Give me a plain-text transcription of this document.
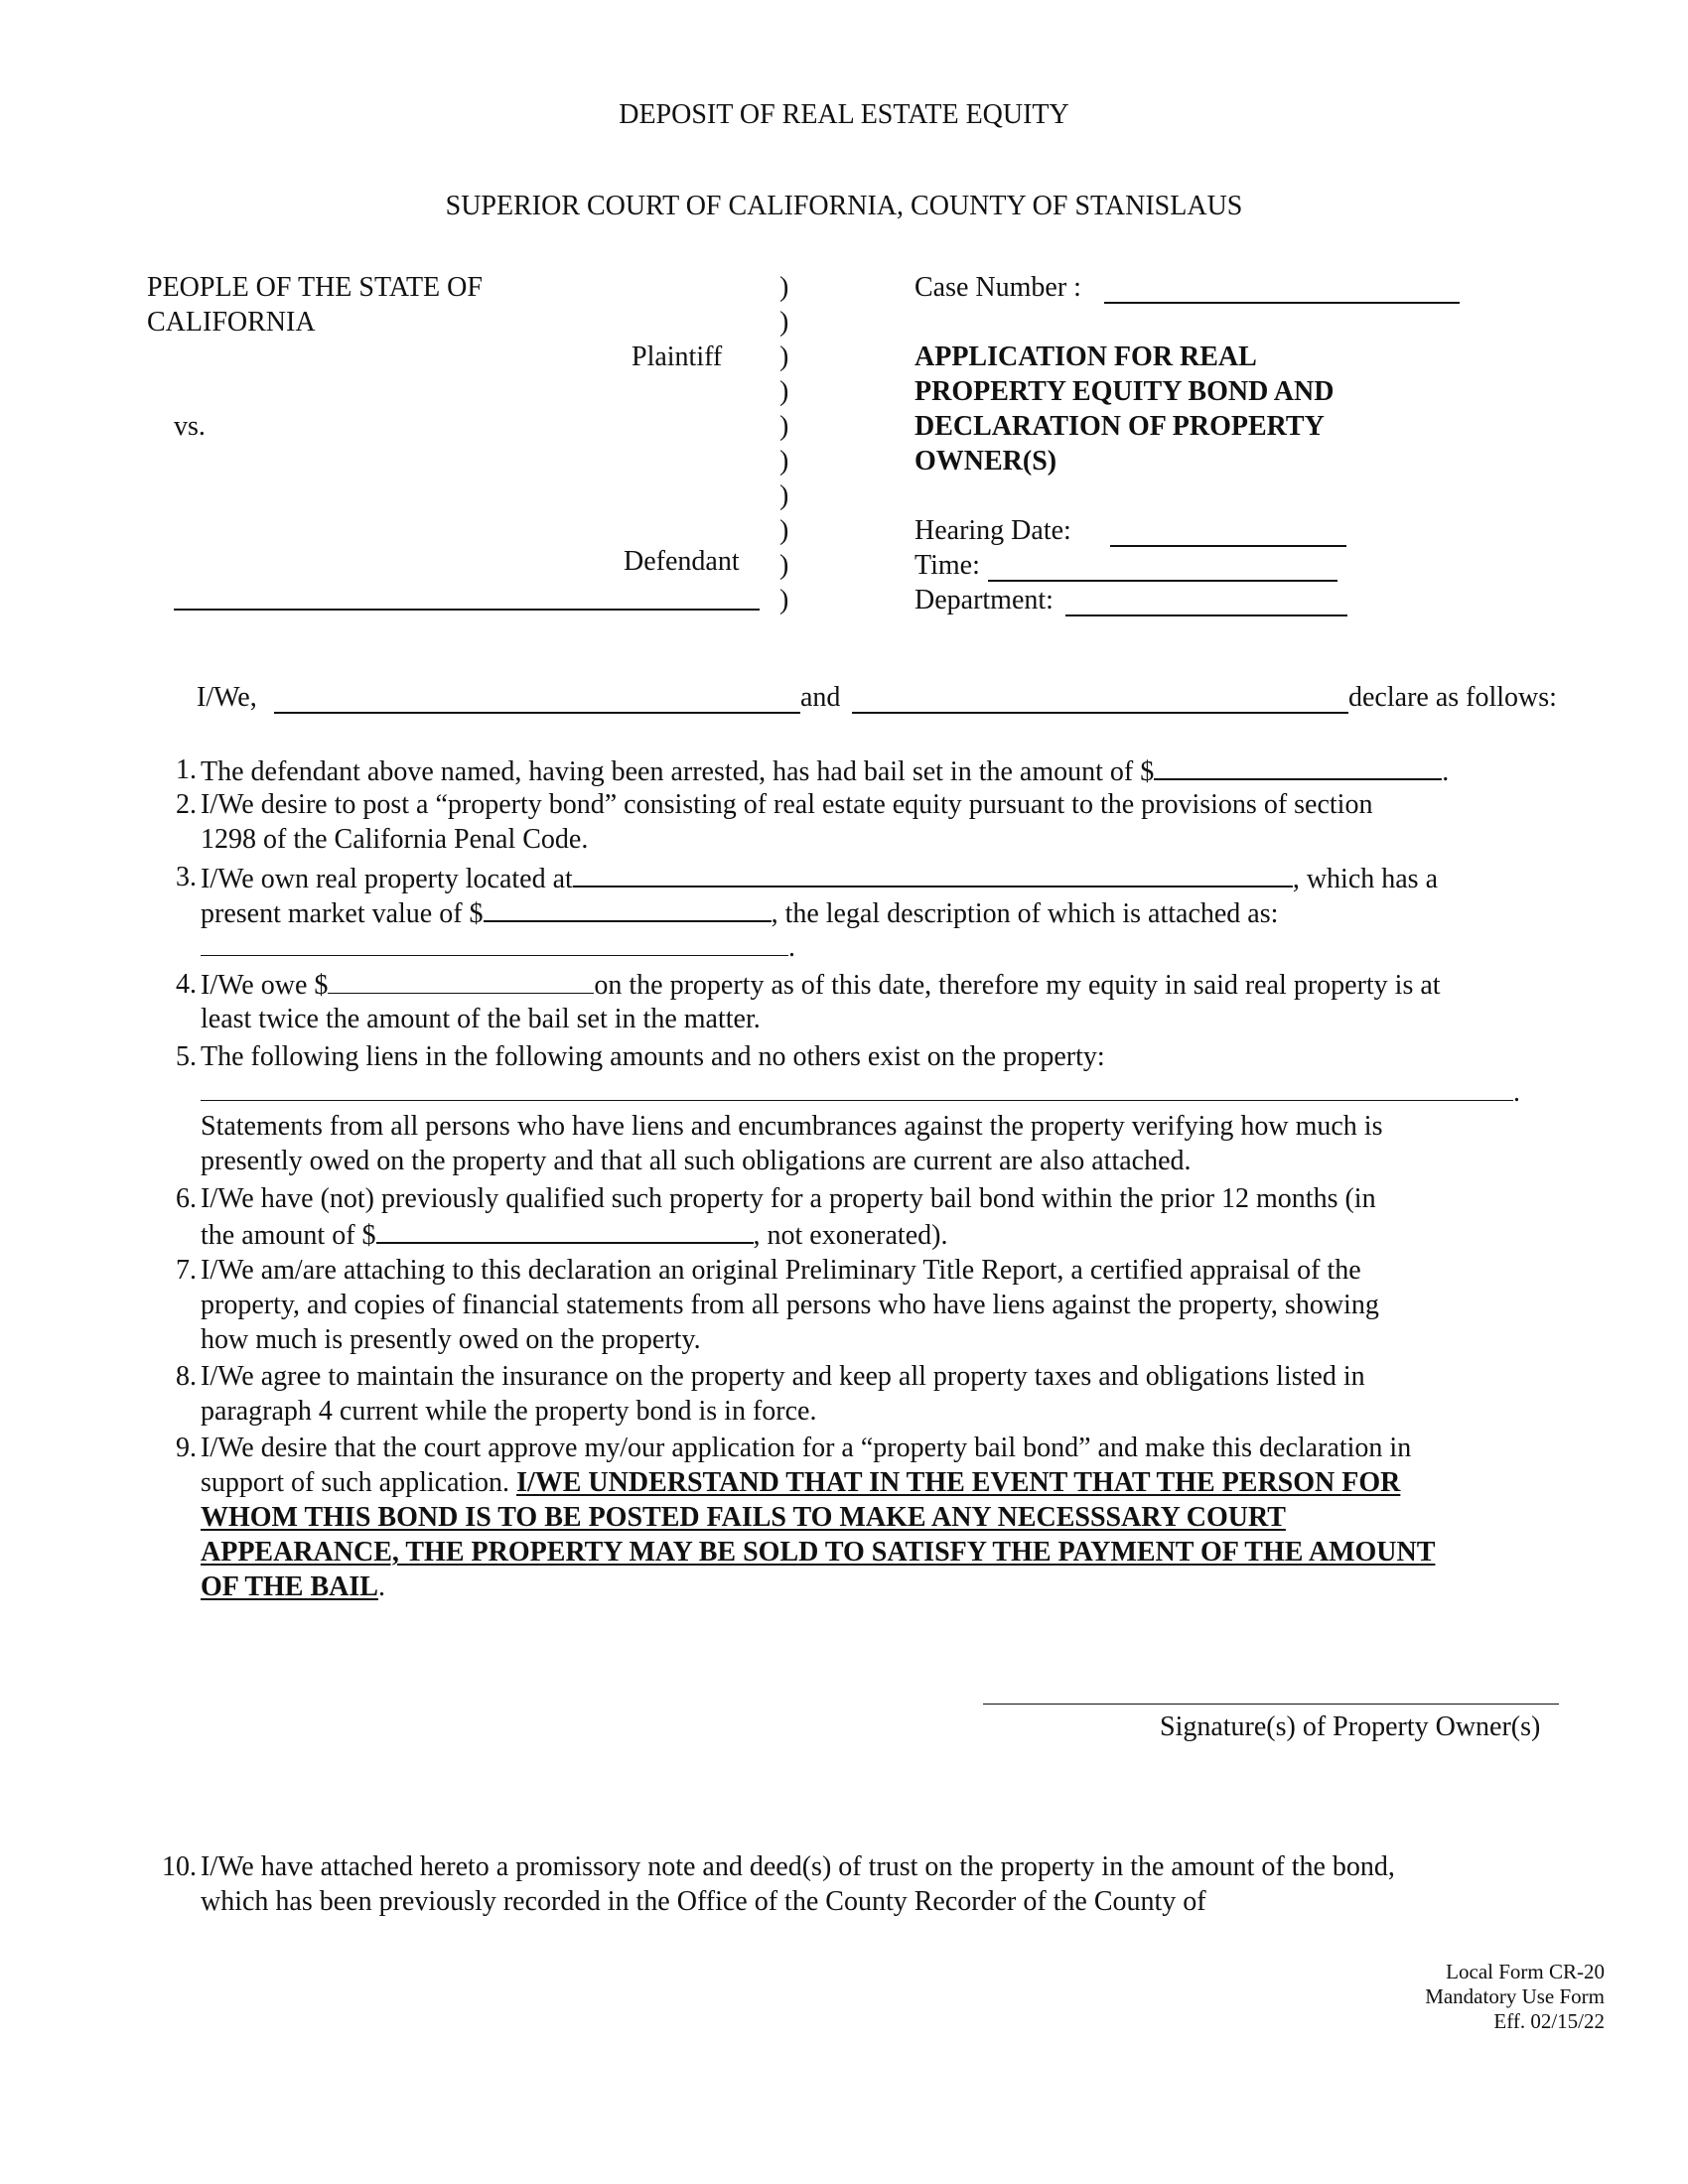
DEPOSIT OF REAL ESTATE EQUITY
SUPERIOR COURT OF CALIFORNIA, COUNTY OF STANISLAUS
PEOPLE OF THE STATE OF
CALIFORNIA
Plaintiff
vs.
Defendant
)
)
)
)
)
)
)
)
)
)
Case Number :
APPLICATION FOR REAL
PROPERTY EQUITY BOND AND
DECLARATION OF PROPERTY
OWNER(S)
Hearing Date:
Time:
Department:
I/We,	and	declare as follows:
1. The defendant above named, having been arrested, has had bail set in the amount of $	.
2. I/We desire to post a “property bond” consisting of real estate equity pursuant to the provisions of section
1298 of the California Penal Code.
3. I/We own real property located at	, which has a
present market value of $	, the legal description of which is attached as:
.
4. I/We owe $	on the property as of this date, therefore my equity in said real property is at
least twice the amount of the bail set in the matter.
5. The following liens in the following amounts and no others exist on the property:
.
Statements from all persons who have liens and encumbrances against the property verifying how much is
presently owed on the property and that all such obligations are current are also attached.
6. I/We have (not) previously qualified such property for a property bail bond within the prior 12 months (in
the amount of $	, not exonerated).
7. I/We am/are attaching to this declaration an original Preliminary Title Report, a certified appraisal of the
property, and copies of financial statements from all persons who have liens against the property, showing
how much is presently owed on the property.
8. I/We agree to maintain the insurance on the property and keep all property taxes and obligations listed in
paragraph 4 current while the property bond is in force.
9. I/We desire that the court approve my/our application for a “property bail bond” and make this declaration in
support of such application. I/WE UNDERSTAND THAT IN THE EVENT THAT THE PERSON FOR
WHOM THIS BOND IS TO BE POSTED FAILS TO MAKE ANY NECESSSARY COURT
APPEARANCE, THE PROPERTY MAY BE SOLD TO SATISFY THE PAYMENT OF THE AMOUNT
OF THE BAIL.
Signature(s) of Property Owner(s)
10. I/We have attached hereto a promissory note and deed(s) of trust on the property in the amount of the bond,
which has been previously recorded in the Office of the County Recorder of the County of
Local Form CR-20
Mandatory Use Form
Eff. 02/15/22
